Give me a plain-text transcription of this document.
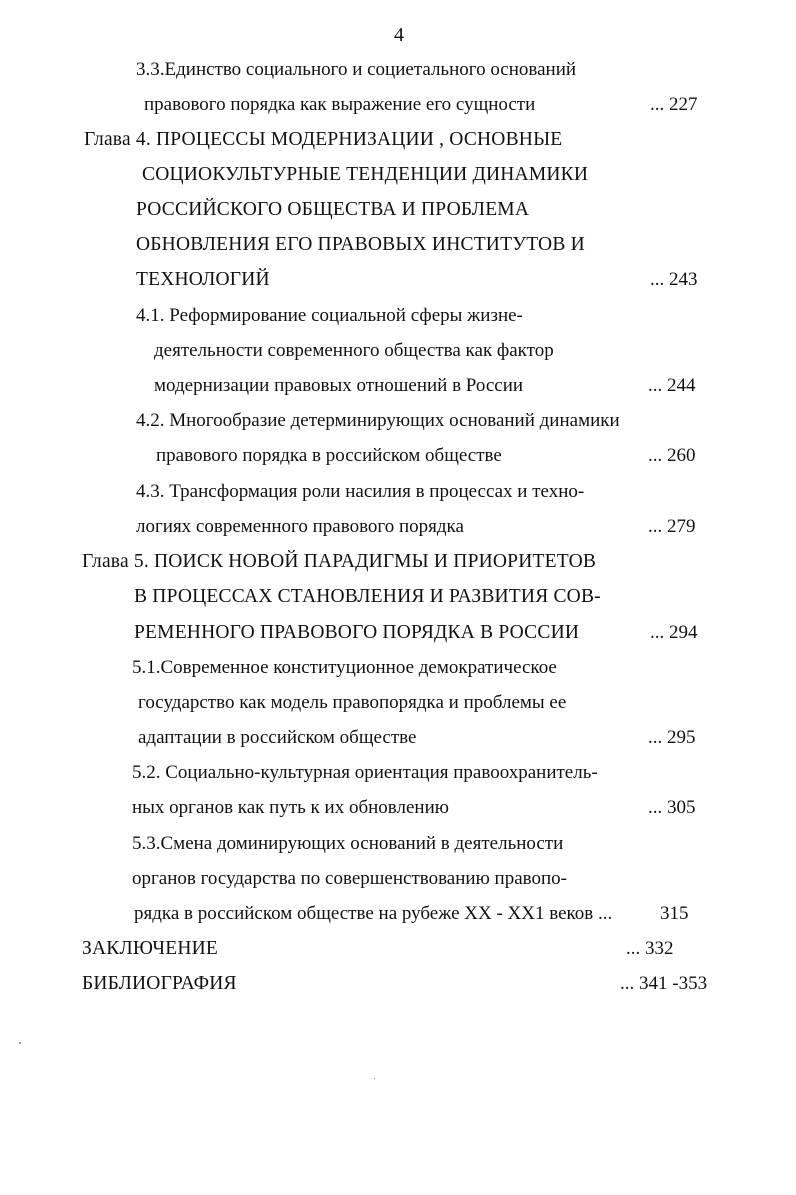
4
3.3.Единство социального и социетального оснований
правового порядка как выражение его сущности	... 227
Глава 4. ПРОЦЕССЫ МОДЕРНИЗАЦИИ , ОСНОВНЫЕ
СОЦИОКУЛЬТУРНЫЕ ТЕНДЕНЦИИ ДИНАМИКИ
РОССИЙСКОГО ОБЩЕСТВА И ПРОБЛЕМА
ОБНОВЛЕНИЯ ЕГО ПРАВОВЫХ ИНСТИТУТОВ И
ТЕХНОЛОГИЙ	... 243
4.1. Реформирование социальной сферы жизне-
деятельности современного общества как фактор
модернизации правовых отношений в России	... 244
4.2. Многообразие детерминирующих оснований динамики
правового порядка в российском обществе	... 260
4.3. Трансформация роли насилия в процессах и техно-
логиях современного правового порядка	... 279
Глава 5. ПОИСК НОВОЙ ПАРАДИГМЫ И ПРИОРИТЕТОВ
В ПРОЦЕССАХ СТАНОВЛЕНИЯ И РАЗВИТИЯ СОВ-
РЕМЕННОГО ПРАВОВОГО ПОРЯДКА В РОССИИ	... 294
5.1.Современное конституционное демократическое
государство как модель правопорядка и проблемы ее
адаптации в российском обществе	... 295
5.2. Социально-культурная ориентация правоохранитель-
ных органов как путь к их обновлению	... 305
5.3.Смена доминирующих оснований в деятельности
органов государства по совершенствованию правопо-
рядка в российском обществе на рубеже XX - XX1 веков ...	315
ЗАКЛЮЧЕНИЕ	... 332
БИБЛИОГРАФИЯ	... 341 -353
